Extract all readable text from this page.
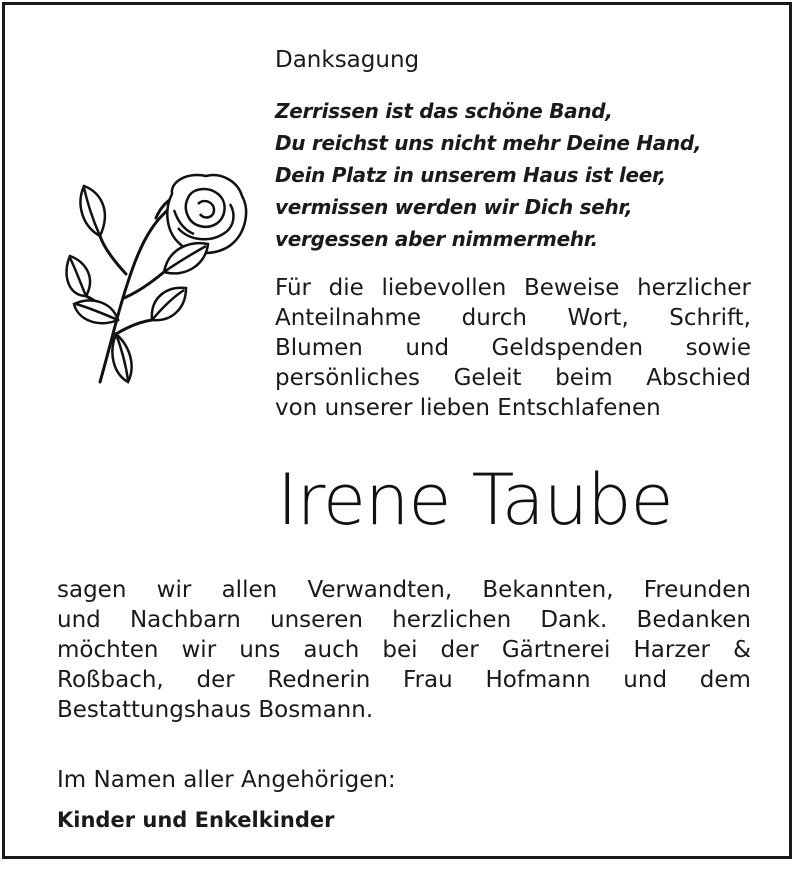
Danksagung
Zerrissen ist das schöne Band,
Du reichst uns nicht mehr Deine Hand,
Dein Platz in unserem Haus ist leer,
vermissen werden wir Dich sehr,
vergessen aber nimmermehr.
Für die liebevollen Beweise herzlicher
Anteilnahme durch Wort, Schrift,
Blumen und Geldspenden sowie
persönliches Geleit beim Abschied
von unserer lieben Entschlafenen
Irene Taube
sagen wir allen Verwandten, Bekannten, Freunden
und Nachbarn unseren herzlichen Dank. Bedanken
möchten wir uns auch bei der Gärtnerei Harzer &
Roßbach, der Rednerin Frau Hofmann und dem
Bestattungshaus Bosmann.
Im Namen aller Angehörigen:
Kinder und Enkelkinder
